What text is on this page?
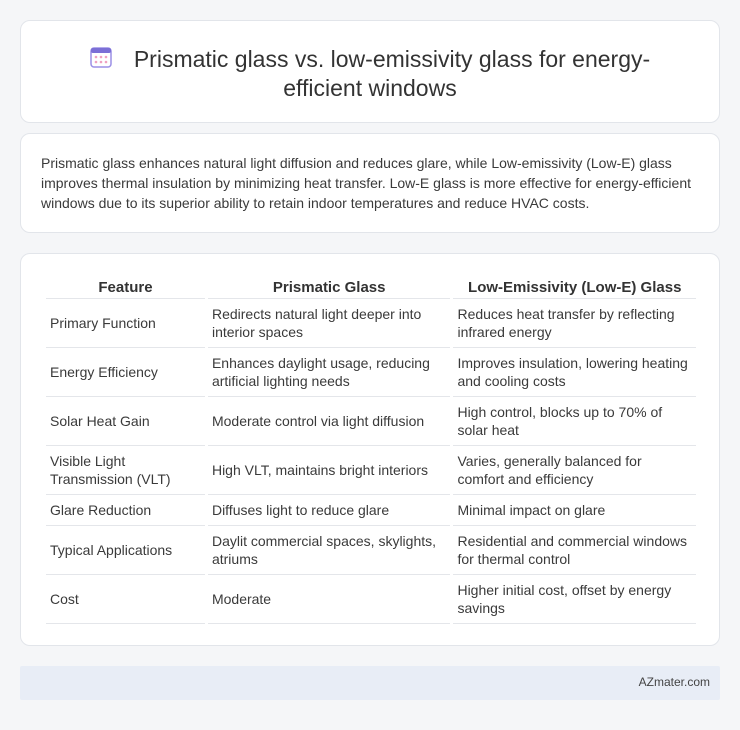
Prismatic glass vs. low-emissivity glass for energy-efficient windows

Prismatic glass enhances natural light diffusion and reduces glare, while Low-emissivity (Low-E) glass improves thermal insulation by minimizing heat transfer. Low-E glass is more effective for energy-efficient windows due to its superior ability to retain indoor temperatures and reduce HVAC costs.

Feature	Prismatic Glass	Low-Emissivity (Low-E) Glass
Primary Function	Redirects natural light deeper into interior spaces	Reduces heat transfer by reflecting infrared energy
Energy Efficiency	Enhances daylight usage, reducing artificial lighting needs	Improves insulation, lowering heating and cooling costs
Solar Heat Gain	Moderate control via light diffusion	High control, blocks up to 70% of solar heat
Visible Light Transmission (VLT)	High VLT, maintains bright interiors	Varies, generally balanced for comfort and efficiency
Glare Reduction	Diffuses light to reduce glare	Minimal impact on glare
Typical Applications	Daylit commercial spaces, skylights, atriums	Residential and commercial windows for thermal control
Cost	Moderate	Higher initial cost, offset by energy savings
AZmater.com
